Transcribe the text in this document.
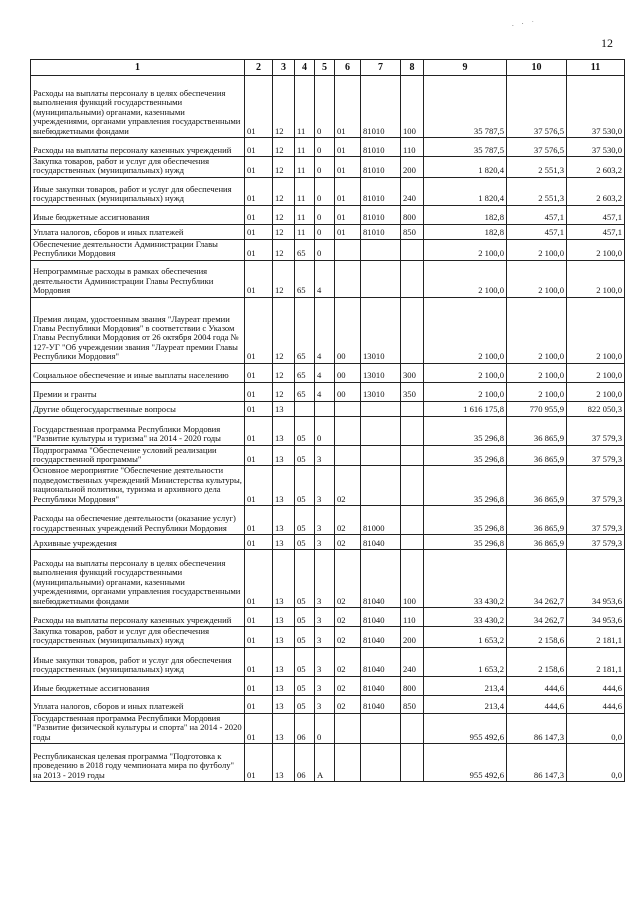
. · ˙
12
1	2	3	4	5	6	7	8	9	10	11
Расходы на выплаты персоналу в целях обеспечения выполнения функций государственными (муниципальными) органами, казенными учреждениями, органами управления государственными внебюджетными фондами	01	12	11	0	01	81010	100	35 787,5	37 576,5	37 530,0
Расходы на выплаты персоналу казенных учреждений	01	12	11	0	01	81010	110	35 787,5	37 576,5	37 530,0
Закупка товаров, работ и услуг для обеспечения государственных (муниципальных) нужд	01	12	11	0	01	81010	200	1 820,4	2 551,3	2 603,2
Иные закупки товаров, работ и услуг для обеспечения государственных (муниципальных) нужд	01	12	11	0	01	81010	240	1 820,4	2 551,3	2 603,2
Иные бюджетные ассигнования	01	12	11	0	01	81010	800	182,8	457,1	457,1
Уплата налогов, сборов и иных платежей	01	12	11	0	01	81010	850	182,8	457,1	457,1
Обеспечение деятельности Администрации Главы Республики Мордовия	01	12	65	0				2 100,0	2 100,0	2 100,0
Непрограммные расходы в рамках обеспечения деятельности Администрации Главы Республики Мордовия	01	12	65	4				2 100,0	2 100,0	2 100,0
Премия лицам, удостоенным звания "Лауреат премии Главы Республики Мордовия" в соответствии с Указом Главы Республики Мордовия от 26 октября 2004 года № 127-УГ "Об учреждении звания "Лауреат премии Главы Республики Мордовия"	01	12	65	4	00	13010		2 100,0	2 100,0	2 100,0
Социальное обеспечение и иные выплаты населению	01	12	65	4	00	13010	300	2 100,0	2 100,0	2 100,0
Премии и гранты	01	12	65	4	00	13010	350	2 100,0	2 100,0	2 100,0
Другие общегосударственные вопросы	01	13						1 616 175,8	770 955,9	822 050,3
Государственная программа Республики Мордовия "Развитие культуры и туризма" на 2014 - 2020 годы	01	13	05	0				35 296,8	36 865,9	37 579,3
Подпрограмма "Обеспечение условий реализации государственной программы"	01	13	05	3				35 296,8	36 865,9	37 579,3
Основное мероприятие "Обеспечение деятельности подведомственных учреждений Министерства культуры, национальной политики, туризма и архивного дела Республики Мордовия"	01	13	05	3	02			35 296,8	36 865,9	37 579,3
Расходы на обеспечение деятельности (оказание услуг) государственных учреждений Республики Мордовия	01	13	05	3	02	81000		35 296,8	36 865,9	37 579,3
Архивные учреждения	01	13	05	3	02	81040		35 296,8	36 865,9	37 579,3
Расходы на выплаты персоналу в целях обеспечения выполнения функций государственными (муниципальными) органами, казенными учреждениями, органами управления государственными внебюджетными фондами	01	13	05	3	02	81040	100	33 430,2	34 262,7	34 953,6
Расходы на выплаты персоналу казенных учреждений	01	13	05	3	02	81040	110	33 430,2	34 262,7	34 953,6
Закупка товаров, работ и услуг для обеспечения государственных (муниципальных) нужд	01	13	05	3	02	81040	200	1 653,2	2 158,6	2 181,1
Иные закупки товаров, работ и услуг для обеспечения государственных (муниципальных) нужд	01	13	05	3	02	81040	240	1 653,2	2 158,6	2 181,1
Иные бюджетные ассигнования	01	13	05	3	02	81040	800	213,4	444,6	444,6
Уплата налогов, сборов и иных платежей	01	13	05	3	02	81040	850	213,4	444,6	444,6
Государственная программа Республики Мордовия "Развитие физической культуры и спорта" на 2014 - 2020 годы	01	13	06	0				955 492,6	86 147,3	0,0
Республиканская целевая программа "Подготовка к проведению в 2018 году чемпионата мира по футболу" на 2013 - 2019 годы	01	13	06	А				955 492,6	86 147,3	0,0
